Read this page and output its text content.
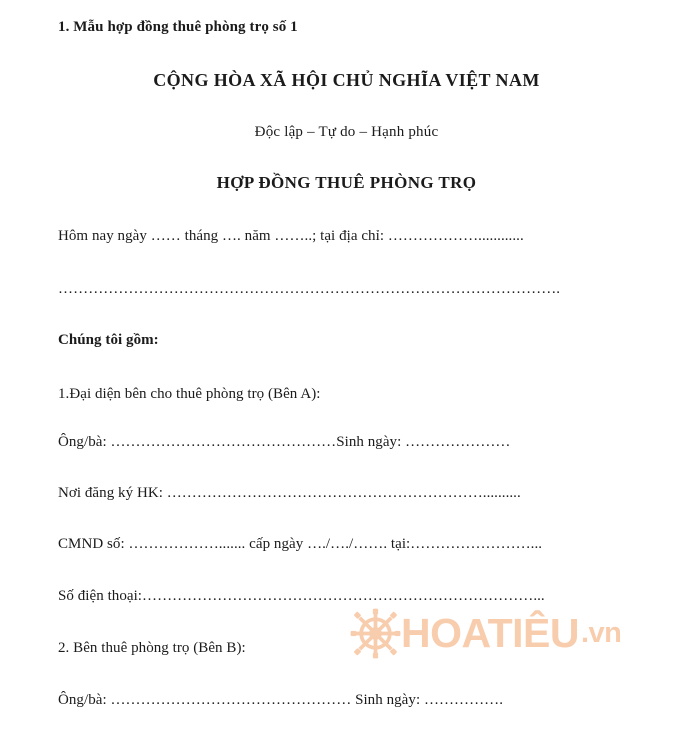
1. Mẫu hợp đồng thuê phòng trọ số 1
CỘNG HÒA XÃ HỘI CHỦ NGHĨA VIỆT NAM
Độc lập – Tự do – Hạnh phúc
HỢP ĐỒNG THUÊ PHÒNG TRỌ
Hôm nay ngày …… tháng …. năm ……..; tại địa chỉ: ………………............
……………………………………………………………………………………….
Chúng tôi gồm:
1.Đại diện bên cho thuê phòng trọ (Bên A):
Ông/bà: ………………………………………Sinh ngày: …………………
Nơi đăng ký HK: ………………………………………………………..........
CMND số: ………………....... cấp ngày …./…./……. tại:……………………...
Số điện thoại:……………………………………………………………………...
2. Bên thuê phòng trọ (Bên B):
Ông/bà: ………………………………………… Sinh ngày: …………….
HOATIÊU .vn
